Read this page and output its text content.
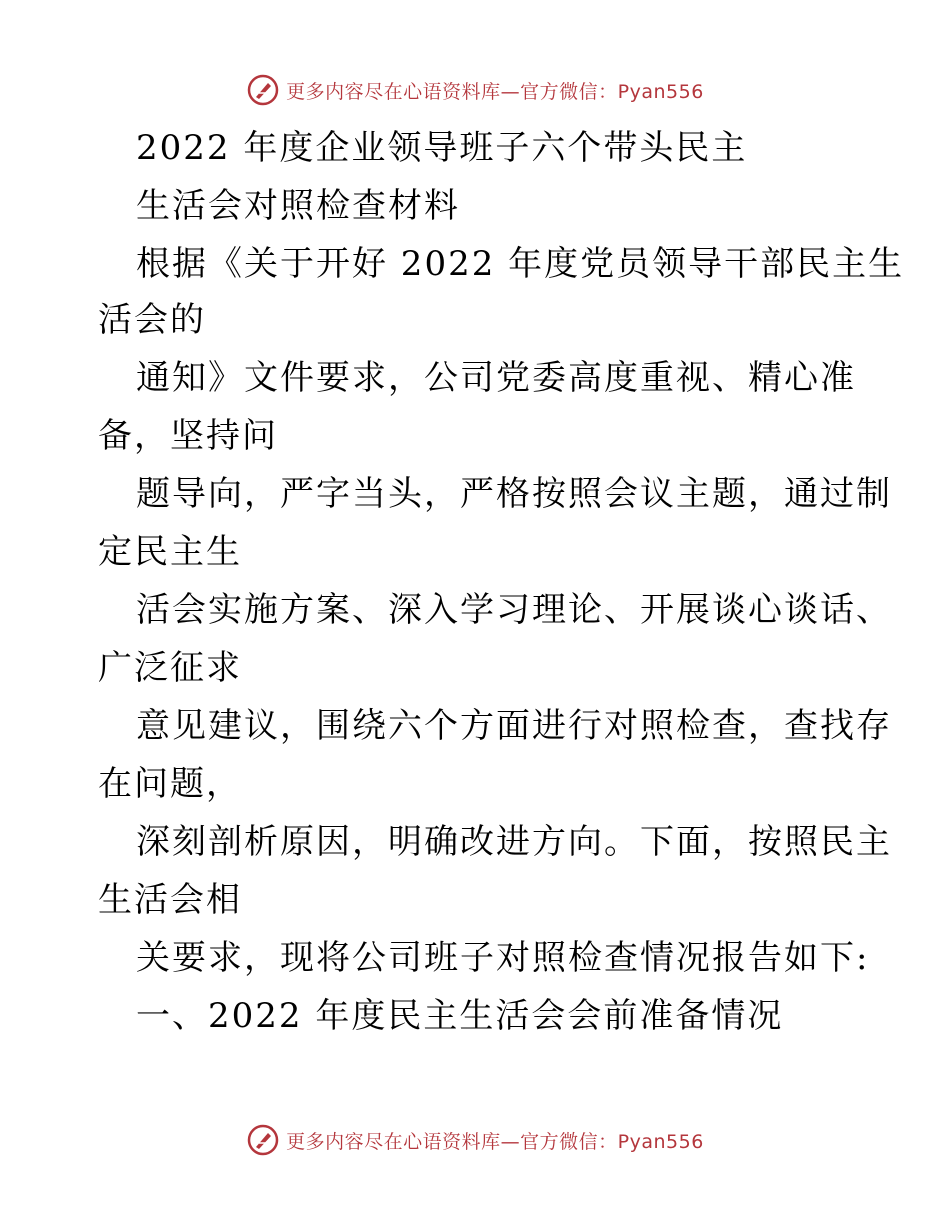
更多内容尽在心语资料库—官方微信：Pyan556
2022 年度企业领导班子六个带头民主
生活会对照检查材料
根据《关于开好 2022 年度党员领导干部民主生
活会的
通知》文件要求，公司党委高度重视、精心准
备，坚持问
题导向，严字当头，严格按照会议主题，通过制
定民主生
活会实施方案、深入学习理论、开展谈心谈话、
广泛征求
意见建议，围绕六个方面进行对照检查，查找存
在问题，
深刻剖析原因，明确改进方向。下面，按照民主
生活会相
关要求，现将公司班子对照检查情况报告如下:
一、2022 年度民主生活会会前准备情况
更多内容尽在心语资料库—官方微信：Pyan556
